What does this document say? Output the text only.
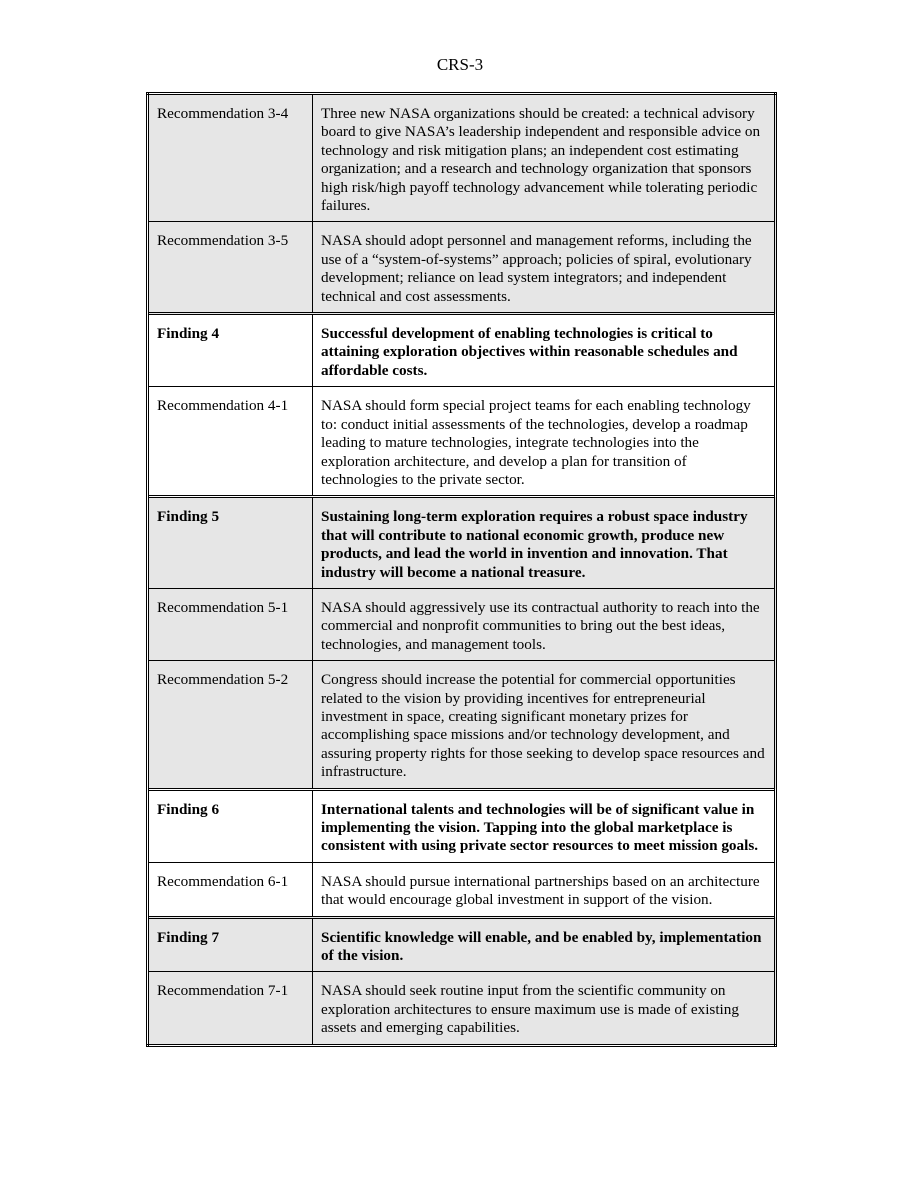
CRS-3
Recommendation 3-4	Three new NASA organizations should be created: a technical advisory board to give NASA’s leadership independent and responsible advice on technology and risk mitigation plans; an independent cost estimating organization; and a research and technology organization that sponsors high risk/high payoff technology advancement while tolerating periodic failures.
Recommendation 3-5	NASA should adopt personnel and management reforms, including the use of a “system-of-systems” approach; policies of spiral, evolutionary development; reliance on lead system integrators; and independent technical and cost assessments.
Finding 4	Successful development of enabling technologies is critical to attaining exploration objectives within reasonable schedules and affordable costs.
Recommendation 4-1	NASA should form special project teams for each enabling technology to: conduct initial assessments of the technologies, develop a roadmap leading to mature technologies, integrate technologies into the exploration architecture, and develop a plan for transition of technologies to the private sector.
Finding 5	Sustaining long-term exploration requires a robust space industry that will contribute to national economic growth, produce new products, and lead the world in invention and innovation. That industry will become a national treasure.
Recommendation 5-1	NASA should aggressively use its contractual authority to reach into the commercial and nonprofit communities to bring out the best ideas, technologies, and management tools.
Recommendation 5-2	Congress should increase the potential for commercial opportunities related to the vision by providing incentives for entrepreneurial investment in space, creating significant monetary prizes for accomplishing space missions and/or technology development, and assuring property rights for those seeking to develop space resources and infrastructure.
Finding 6	International talents and technologies will be of significant value in implementing the vision. Tapping into the global marketplace is consistent with using private sector resources to meet mission goals.
Recommendation 6-1	NASA should pursue international partnerships based on an architecture that would encourage global investment in support of the vision.
Finding 7	Scientific knowledge will enable, and be enabled by, implementation of the vision.
Recommendation 7-1	NASA should seek routine input from the scientific community on exploration architectures to ensure maximum use is made of existing assets and emerging capabilities.
